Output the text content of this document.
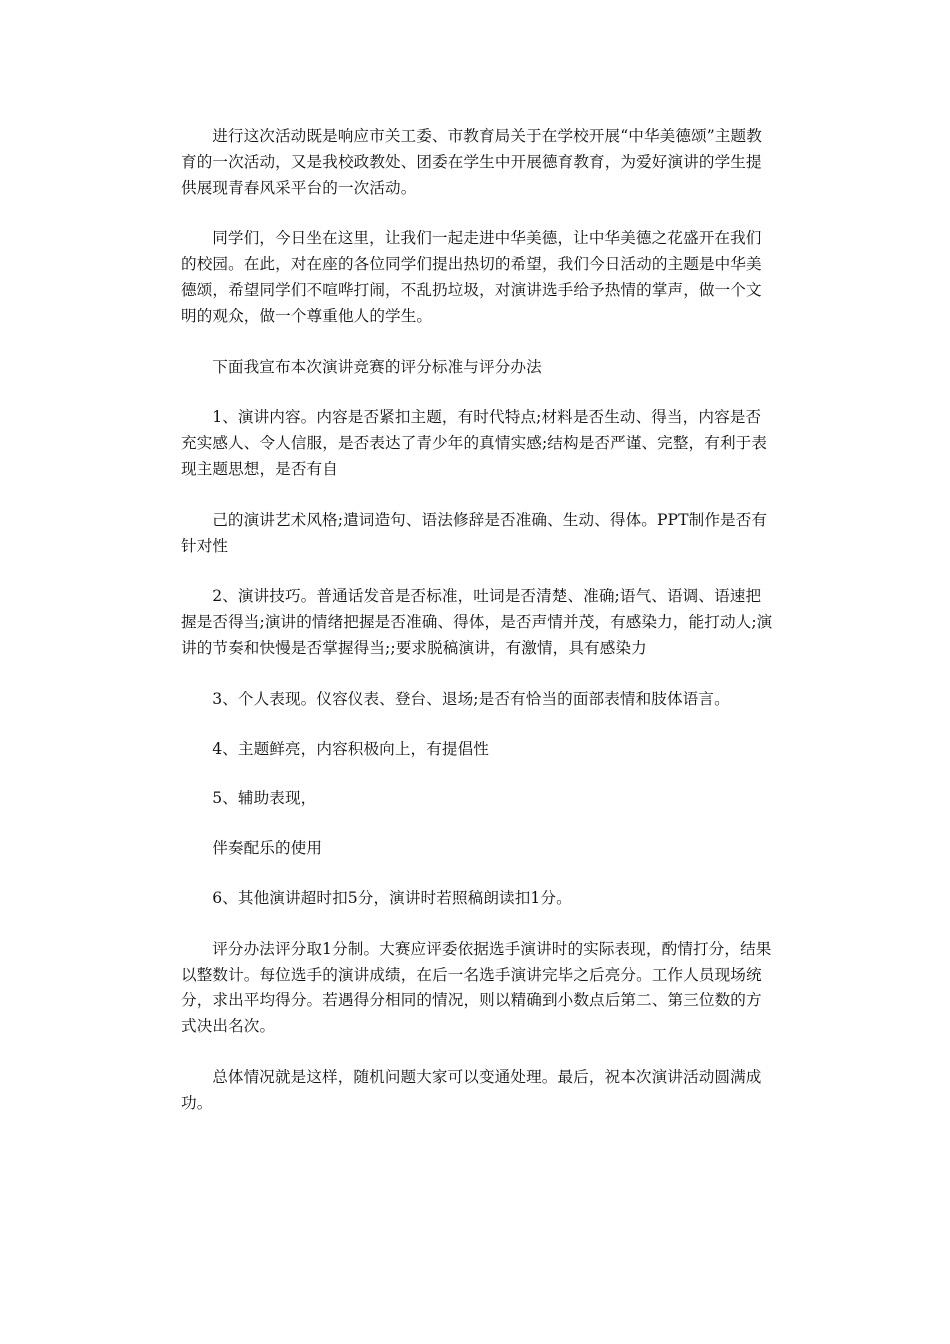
进行这次活动既是响应市关工委、市教育局关于在学校开展“中华美德颂”主题教育的一次活动，又是我校政教处、团委在学生中开展德育教育，为爱好演讲的学生提供展现青春风采平台的一次活动。

同学们，今日坐在这里，让我们一起走进中华美德，让中华美德之花盛开在我们的校园。在此，对在座的各位同学们提出热切的希望，我们今日活动的主题是中华美德颂，希望同学们不喧哗打闹，不乱扔垃圾，对演讲选手给予热情的掌声，做一个文明的观众，做一个尊重他人的学生。

下面我宣布本次演讲竞赛的评分标准与评分办法

1、演讲内容。内容是否紧扣主题，有时代特点;材料是否生动、得当，内容是否充实感人、令人信服，是否表达了青少年的真情实感;结构是否严谨、完整，有利于表现主题思想，是否有自

己的演讲艺术风格;遣词造句、语法修辞是否准确、生动、得体。PPT制作是否有针对性

2、演讲技巧。普通话发音是否标准，吐词是否清楚、准确;语气、语调、语速把握是否得当;演讲的情绪把握是否准确、得体，是否声情并茂，有感染力，能打动人;演讲的节奏和快慢是否掌握得当;;要求脱稿演讲，有激情，具有感染力

3、个人表现。仪容仪表、登台、退场;是否有恰当的面部表情和肢体语言。

4、主题鲜亮，内容积极向上，有提倡性

5、辅助表现，

伴奏配乐的使用

6、其他演讲超时扣5分，演讲时若照稿朗读扣1分。

评分办法评分取1分制。大赛应评委依据选手演讲时的实际表现，酌情打分，结果以整数计。每位选手的演讲成绩，在后一名选手演讲完毕之后亮分。工作人员现场统分，求出平均得分。若遇得分相同的情况，则以精确到小数点后第二、第三位数的方式决出名次。

总体情况就是这样，随机问题大家可以变通处理。最后，祝本次演讲活动圆满成功。
